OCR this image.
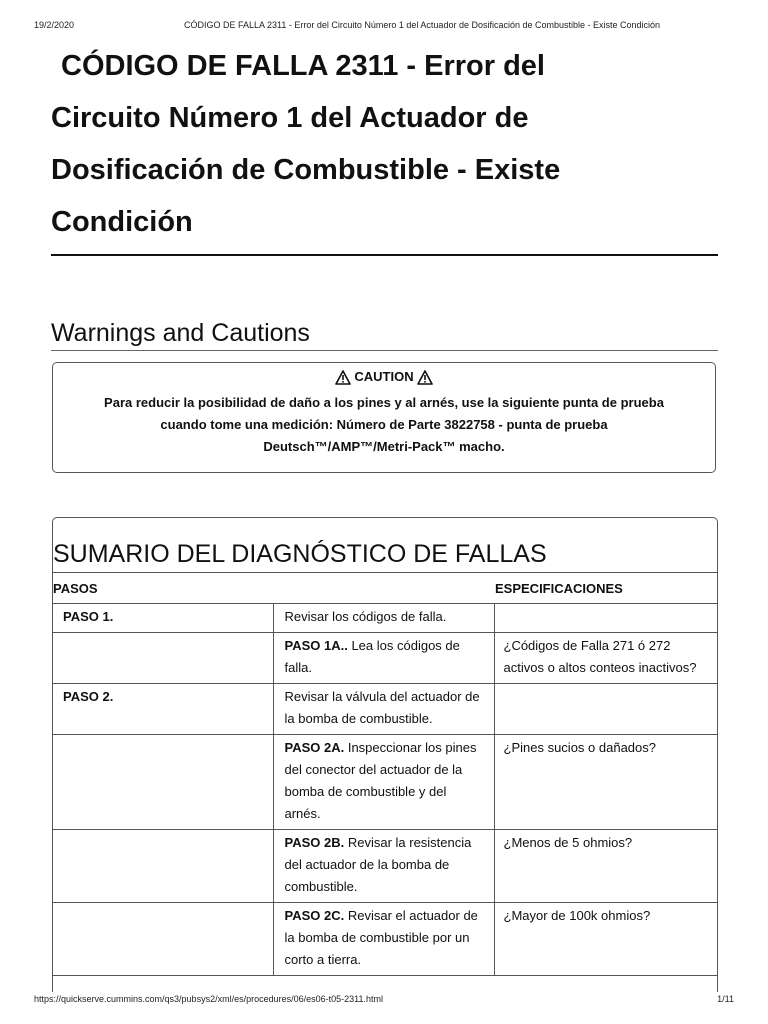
19/2/2020	CÓDIGO DE FALLA 2311 - Error del Circuito Número 1 del Actuador de Dosificación de Combustible - Existe Condición
CÓDIGO DE FALLA 2311 - Error del
Circuito Número 1 del Actuador de
Dosificación de Combustible - Existe
Condición
Warnings and Cautions
CAUTION
Para reducir la posibilidad de daño a los pines y al arnés, use la siguiente punta de prueba
cuando tome una medición: Número de Parte 3822758 - punta de prueba
Deutsch™/AMP™/Metri-Pack™ macho.
SUMARIO DEL DIAGNÓSTICO DE FALLAS
PASOS		ESPECIFICACIONES
PASO 1.	Revisar los códigos de falla.	
	PASO 1A.. Lea los códigos de falla.	¿Códigos de Falla 271 ó 272 activos o altos conteos inactivos?
PASO 2.	Revisar la válvula del actuador de la bomba de combustible.	
	PASO 2A. Inspeccionar los pines del conector del actuador de la bomba de combustible y del arnés.	¿Pines sucios o dañados?
	PASO 2B. Revisar la resistencia del actuador de la bomba de combustible.	¿Menos de 5 ohmios?
	PASO 2C. Revisar el actuador de la bomba de combustible por un corto a tierra.	¿Mayor de 100k ohmios?
https://quickserve.cummins.com/qs3/pubsys2/xml/es/procedures/06/es06-t05-2311.html	1/11
